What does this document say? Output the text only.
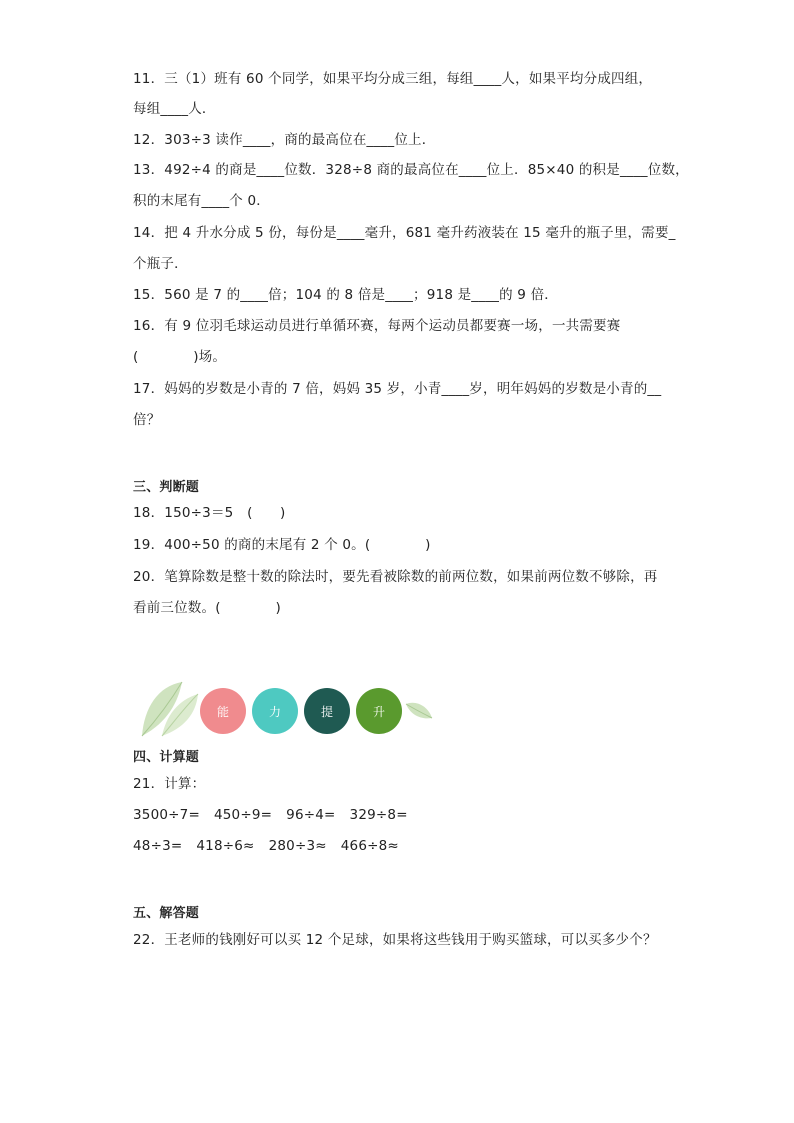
11．三（1）班有 60 个同学，如果平均分成三组，每组____人，如果平均分成四组，
每组____人．
12．303÷3 读作____，商的最高位在____位上．
13．492÷4 的商是____位数．328÷8 商的最高位在____位上．85×40 的积是____位数，
积的末尾有____个 0．
14．把 4 升水分成 5 份，每份是____毫升，681 毫升药液装在 15 毫升的瓶子里，需要_
个瓶子．
15．560 是 7 的____倍；104 的 8 倍是____；918 是____的 9 倍．
16．有 9 位羽毛球运动员进行单循环赛，每两个运动员都要赛一场，一共需要赛
(　　　　)场。
17．妈妈的岁数是小青的 7 倍，妈妈 35 岁，小青____岁，明年妈妈的岁数是小青的__
倍？
三、判断题
18．150÷3＝5　(　　)
19．400÷50 的商的末尾有 2 个 0。(　　　　)
20．笔算除数是整十数的除法时，要先看被除数的前两位数，如果前两位数不够除，再
看前三位数。(　　　　)
能	力	提	升
四、计算题
21．计算：
3500÷7= 450÷9= 96÷4= 329÷8=
48÷3= 418÷6≈ 280÷3≈ 466÷8≈
五、解答题
22．王老师的钱刚好可以买 12 个足球，如果将这些钱用于购买篮球，可以买多少个？
